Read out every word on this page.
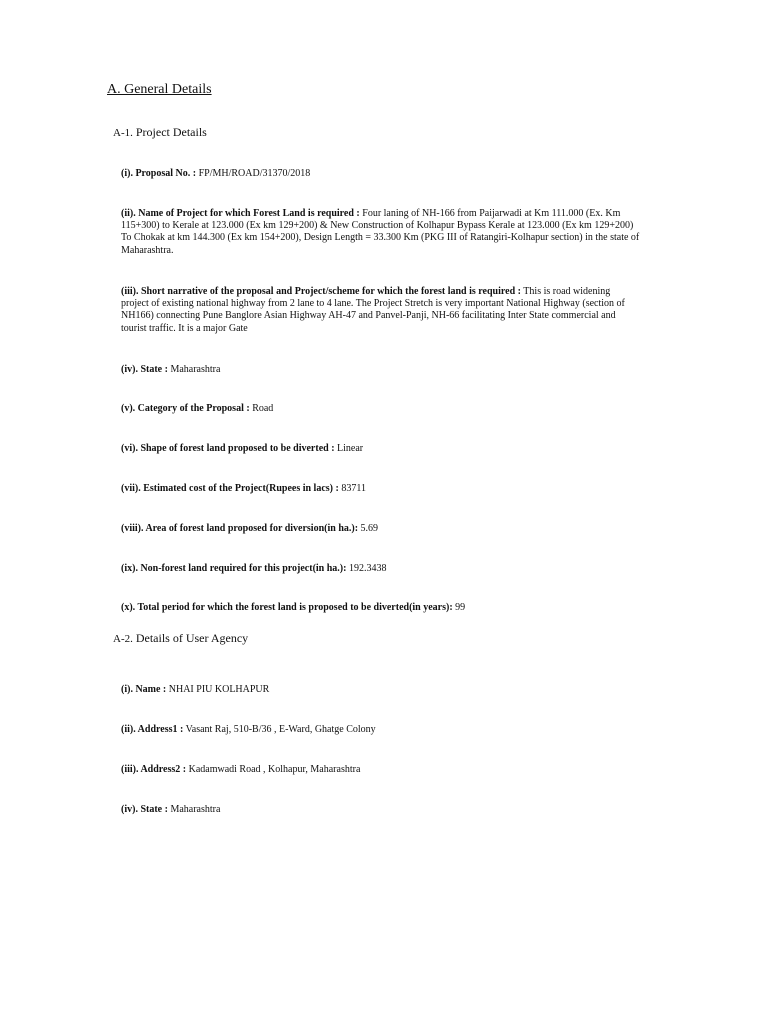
A. General Details
A-1. Project Details

(i). Proposal No. : FP/MH/ROAD/31370/2018

(ii). Name of Project for which Forest Land is required : Four laning of NH-166 from Paijarwadi at Km 111.000 (Ex. Km 115+300) to Kerale at 123.000 (Ex km 129+200) & New Construction of Kolhapur Bypass Kerale at 123.000 (Ex km 129+200) To Chokak at km 144.300 (Ex km 154+200), Design Length = 33.300 Km (PKG III of Ratangiri-Kolhapur section) in the state of Maharashtra.

(iii). Short narrative of the proposal and Project/scheme for which the forest land is required : This is road widening project of existing national highway from 2 lane to 4 lane. The Project Stretch is very important National Highway (section of NH166) connecting Pune Banglore Asian Highway AH-47 and Panvel-Panji, NH-66 facilitating Inter State commercial and tourist traffic. It is a major Gate

(iv). State : Maharashtra

(v). Category of the Proposal : Road

(vi). Shape of forest land proposed to be diverted : Linear

(vii). Estimated cost of the Project(Rupees in lacs) : 83711

(viii). Area of forest land proposed for diversion(in ha.): 5.69

(ix). Non-forest land required for this project(in ha.): 192.3438

(x). Total period for which the forest land is proposed to be diverted(in years): 99

A-2. Details of User Agency

(i). Name : NHAI PIU KOLHAPUR

(ii). Address1 : Vasant Raj, 510-B/36 , E-Ward, Ghatge Colony

(iii). Address2 : Kadamwadi Road , Kolhapur, Maharashtra

(iv). State : Maharashtra
